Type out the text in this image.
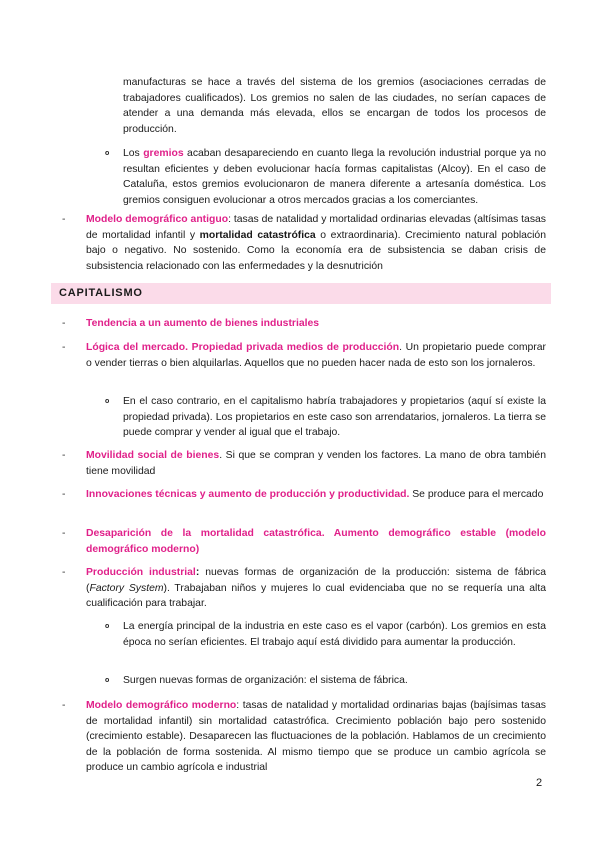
manufacturas se hace a través del sistema de los gremios (asociaciones cerradas de trabajadores cualificados). Los gremios no salen de las ciudades, no serían capaces de atender a una demanda más elevada, ellos se encargan de todos los procesos de producción.

o Los gremios acaban desapareciendo en cuanto llega la revolución industrial porque ya no resultan eficientes y deben evolucionar hacía formas capitalistas (Alcoy). En el caso de Cataluña, estos gremios evolucionaron de manera diferente a artesanía doméstica. Los gremios consiguen evolucionar a otros mercados gracias a los comerciantes.
- Modelo demográfico antiguo: tasas de natalidad y mortalidad ordinarias elevadas (altísimas tasas de mortalidad infantil y mortalidad catastrófica o extraordinaria). Crecimiento natural población bajo o negativo. No sostenido. Como la economía era de subsistencia se daban crisis de subsistencia relacionado con las enfermedades y la desnutrición
CAPITALISMO
- Tendencia a un aumento de bienes industriales
- Lógica del mercado. Propiedad privada medios de producción. Un propietario puede comprar o vender tierras o bien alquilarlas. Aquellos que no pueden hacer nada de esto son los jornaleros.
o En el caso contrario, en el capitalismo habría trabajadores y propietarios (aquí sí existe la propiedad privada). Los propietarios en este caso son arrendatarios, jornaleros. La tierra se puede comprar y vender al igual que el trabajo.
- Movilidad social de bienes. Si que se compran y venden los factores. La mano de obra también tiene movilidad
- Innovaciones técnicas y aumento de producción y productividad. Se produce para el mercado
- Desaparición de la mortalidad catastrófica. Aumento demográfico estable (modelo demográfico moderno)
- Producción industrial: nuevas formas de organización de la producción: sistema de fábrica (Factory System). Trabajaban niños y mujeres lo cual evidenciaba que no se requería una alta cualificación para trabajar.
o La energía principal de la industria en este caso es el vapor (carbón). Los gremios en esta época no serían eficientes. El trabajo aquí está dividido para aumentar la producción.
o Surgen nuevas formas de organización: el sistema de fábrica.
- Modelo demográfico moderno: tasas de natalidad y mortalidad ordinarias bajas (bajísimas tasas de mortalidad infantil) sin mortalidad catastrófica. Crecimiento población bajo pero sostenido (crecimiento estable). Desaparecen las fluctuaciones de la población. Hablamos de un crecimiento de la población de forma sostenida. Al mismo tiempo que se produce un cambio agrícola se produce un cambio agrícola e industrial
2
